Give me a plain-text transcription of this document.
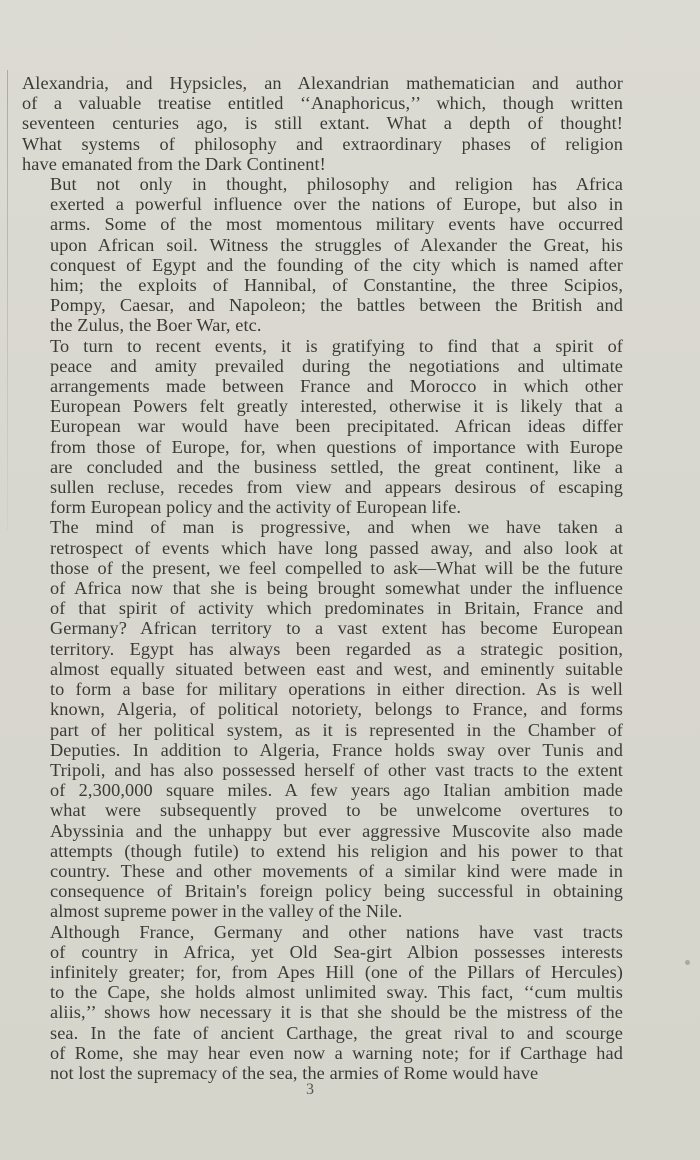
Alexandria, and Hypsicles, an Alexandrian mathematician and author
of a valuable treatise entitled ‘‘Anaphoricus,’’ which, though written
seventeen centuries ago, is still extant. What a depth of thought!
What systems of philosophy and extraordinary phases of religion
have emanated from the Dark Continent!
But not only in thought, philosophy and religion has Africa
exerted a powerful influence over the nations of Europe, but also in
arms. Some of the most momentous military events have occurred
upon African soil. Witness the struggles of Alexander the Great, his
conquest of Egypt and the founding of the city which is named after
him; the exploits of Hannibal, of Constantine, the three Scipios,
Pompy, Caesar, and Napoleon; the battles between the British and
the Zulus, the Boer War, etc.
To turn to recent events, it is gratifying to find that a spirit of
peace and amity prevailed during the negotiations and ultimate
arrangements made between France and Morocco in which other
European Powers felt greatly interested, otherwise it is likely that a
European war would have been precipitated. African ideas differ
from those of Europe, for, when questions of importance with Europe
are concluded and the business settled, the great continent, like a
sullen recluse, recedes from view and appears desirous of escaping
form European policy and the activity of European life.
The mind of man is progressive, and when we have taken a
retrospect of events which have long passed away, and also look at
those of the present, we feel compelled to ask—What will be the future
of Africa now that she is being brought somewhat under the influence
of that spirit of activity which predominates in Britain, France and
Germany? African territory to a vast extent has become European
territory. Egypt has always been regarded as a strategic position,
almost equally situated between east and west, and eminently suitable
to form a base for military operations in either direction. As is well
known, Algeria, of political notoriety, belongs to France, and forms
part of her political system, as it is represented in the Chamber of
Deputies. In addition to Algeria, France holds sway over Tunis and
Tripoli, and has also possessed herself of other vast tracts to the extent
of 2,300,000 square miles. A few years ago Italian ambition made
what were subsequently proved to be unwelcome overtures to
Abyssinia and the unhappy but ever aggressive Muscovite also made
attempts (though futile) to extend his religion and his power to that
country. These and other movements of a similar kind were made in
consequence of Britain's foreign policy being successful in obtaining
almost supreme power in the valley of the Nile.
Although France, Germany and other nations have vast tracts
of country in Africa, yet Old Sea-girt Albion possesses interests
infinitely greater; for, from Apes Hill (one of the Pillars of Hercules)
to the Cape, she holds almost unlimited sway. This fact, ‘‘cum multis
aliis,’’ shows how necessary it is that she should be the mistress of the
sea. In the fate of ancient Carthage, the great rival to and scourge
of Rome, she may hear even now a warning note; for if Carthage had
not lost the supremacy of the sea, the armies of Rome would have
3
